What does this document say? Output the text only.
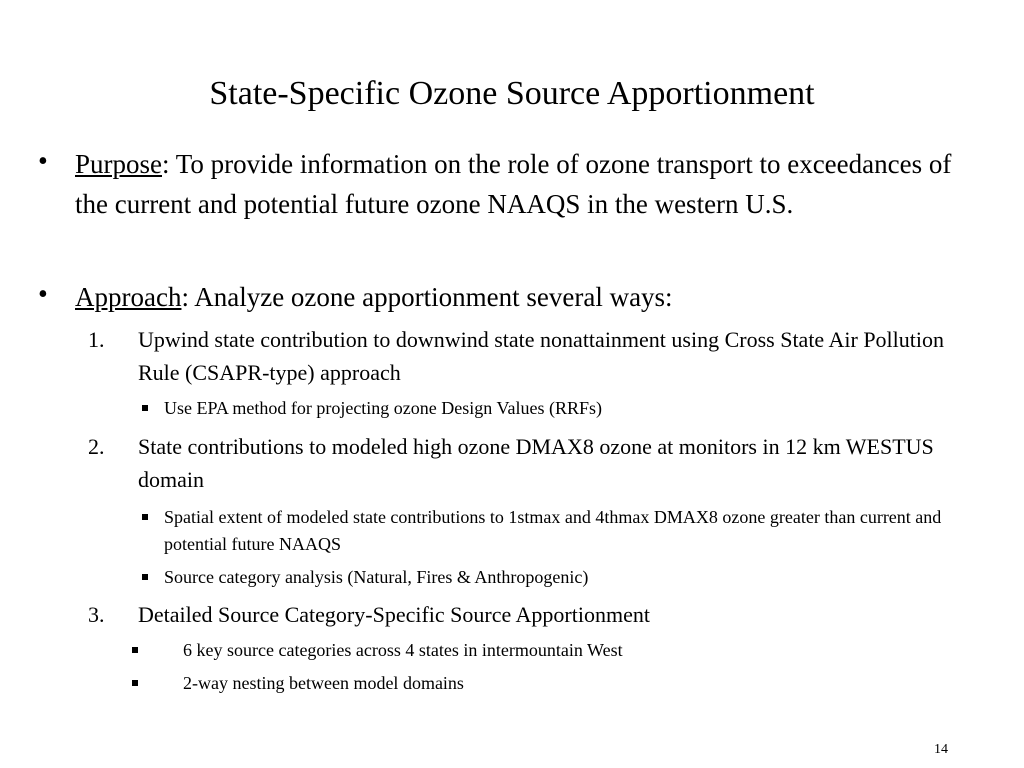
State-Specific Ozone Source Apportionment
• Purpose: To provide information on the role of ozone transport to exceedances of the current and potential future ozone NAAQS in the western U.S.
• Approach: Analyze ozone apportionment several ways:
1. Upwind state contribution to downwind state nonattainment using Cross State Air Pollution Rule (CSAPR-type) approach
Use EPA method for projecting ozone Design Values (RRFs)
2. State contributions to modeled high ozone DMAX8 ozone at monitors in 12 km WESTUS domain
Spatial extent of modeled state contributions to 1stmax and 4thmax DMAX8 ozone greater than current and potential future NAAQS
Source category analysis (Natural, Fires & Anthropogenic)
3. Detailed Source Category-Specific Source Apportionment
6 key source categories across 4 states in intermountain West
2-way nesting between model domains
14
